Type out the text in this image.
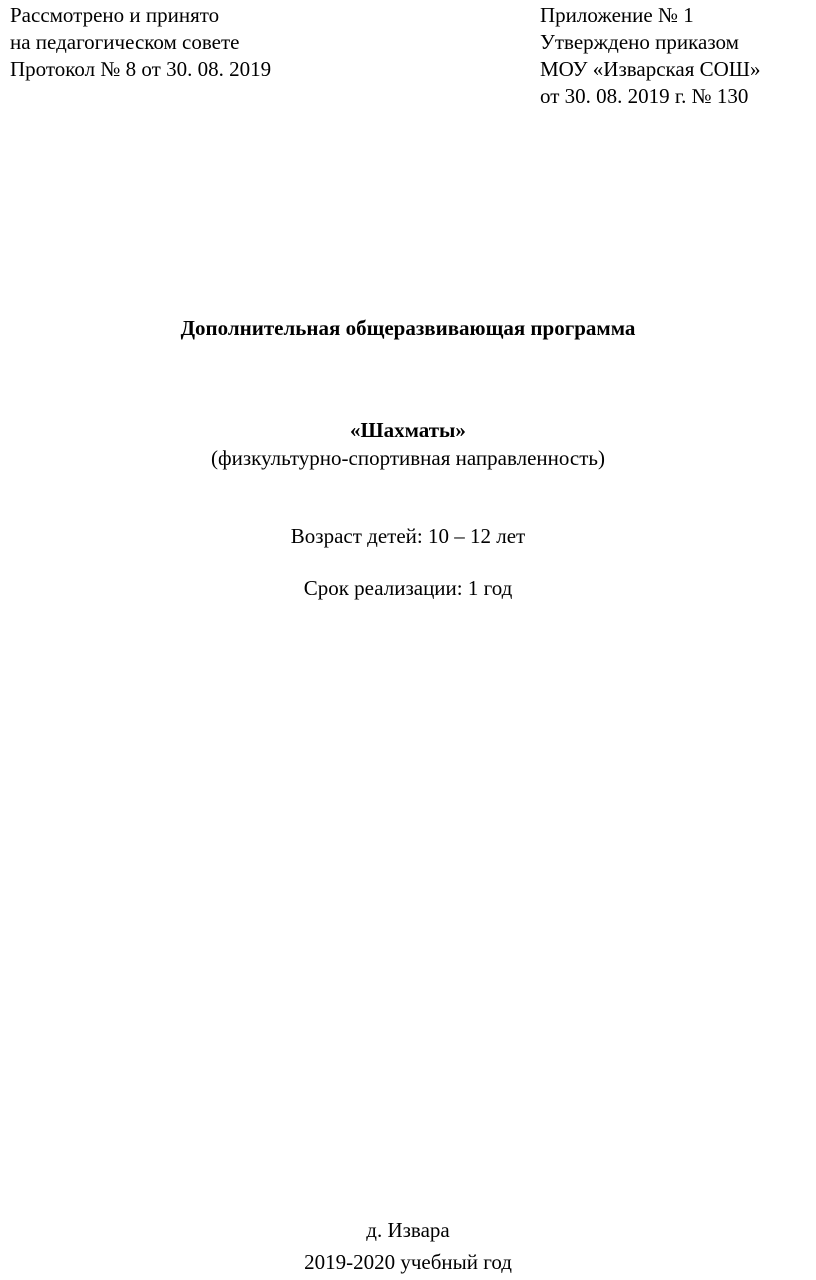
Рассмотрено и принято
на педагогическом совете
Протокол № 8 от 30. 08. 2019
Приложение № 1
Утверждено приказом
МОУ «Изварская СОШ»
от 30. 08. 2019 г. № 130
Дополнительная общеразвивающая программа
«Шахматы»
(физкультурно-спортивная направленность)
Возраст детей: 10 – 12 лет
Срок реализации: 1 год
д. Извара
2019-2020 учебный год
